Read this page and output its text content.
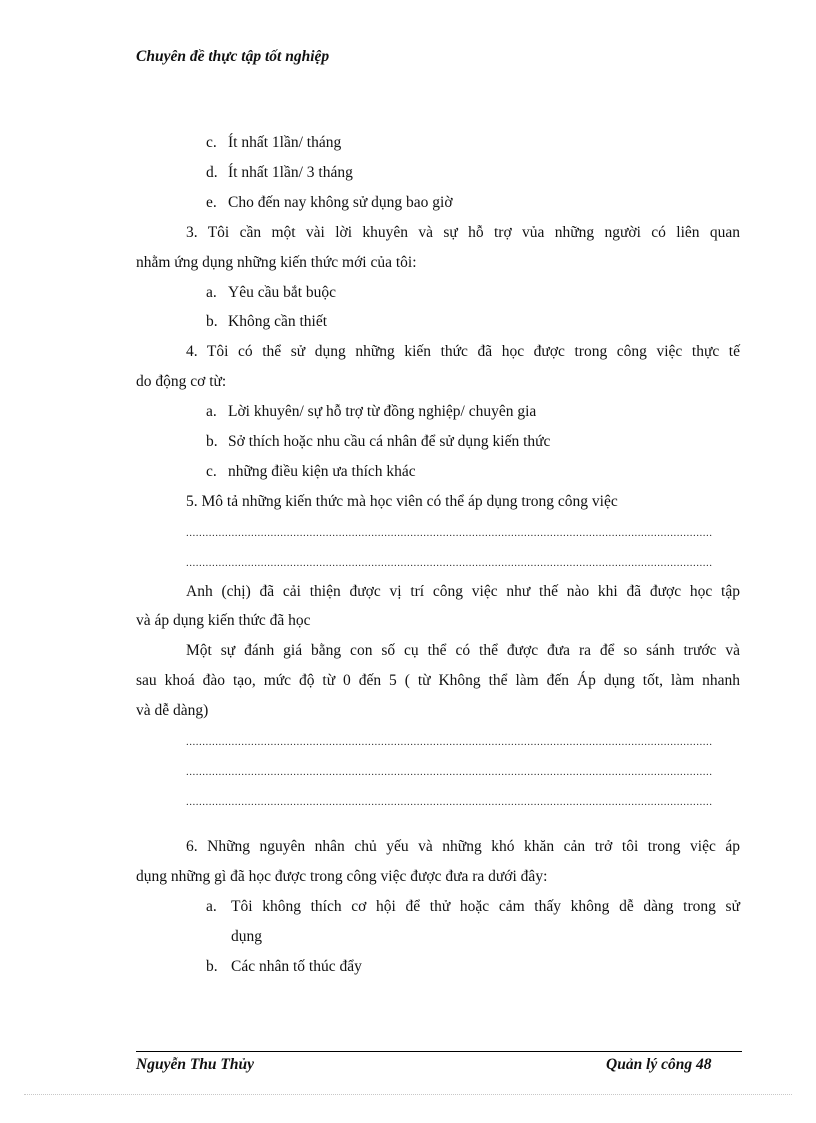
Chuyên đề thực tập tốt nghiệp
c. Ít nhất 1lần/ tháng
d. Ít nhất 1lần/ 3 tháng
e. Cho đến nay không sử dụng bao giờ
3. Tôi cần một vài lời khuyên và sự hỗ trợ vủa những người có liên quan
nhằm ứng dụng những kiến thức mới của tôi:
a. Yêu cầu bắt buộc
b. Không cần thiết
4. Tôi có thể sử dụng những kiến thức đã học được trong công việc thực tế
do động cơ từ:
a. Lời khuyên/ sự hỗ trợ từ đồng nghiệp/ chuyên gia
b. Sở thích hoặc nhu cầu cá nhân để sử dụng kiến thức
c. những điều kiện ưa thích khác
5. Mô tả những kiến thức mà học viên có thể áp dụng trong công việc
..................................................................................................................................................................
..................................................................................................................................................................
Anh (chị) đã cải thiện được vị trí công việc như thế nào khi đã được học tập
và áp dụng kiến thức đã học
Một sự đánh giá bằng con số cụ thể có thể được đưa ra để so sánh trước và
sau khoá đào tạo, mức độ từ 0 đến 5 ( từ Không thể làm đến Áp dụng tốt, làm nhanh
và dễ dàng)
..................................................................................................................................................................
..................................................................................................................................................................
..................................................................................................................................................................
6. Những nguyên nhân chủ yếu và những khó khăn cản trở tôi trong việc áp
dụng những gì đã học được trong công việc được đưa ra dưới đây:
a. Tôi không thích cơ hội để thử hoặc cảm thấy không dễ dàng trong sử
dụng
b. Các nhân tố thúc đẩy
Nguyễn Thu Thủy	Quản lý công 48
